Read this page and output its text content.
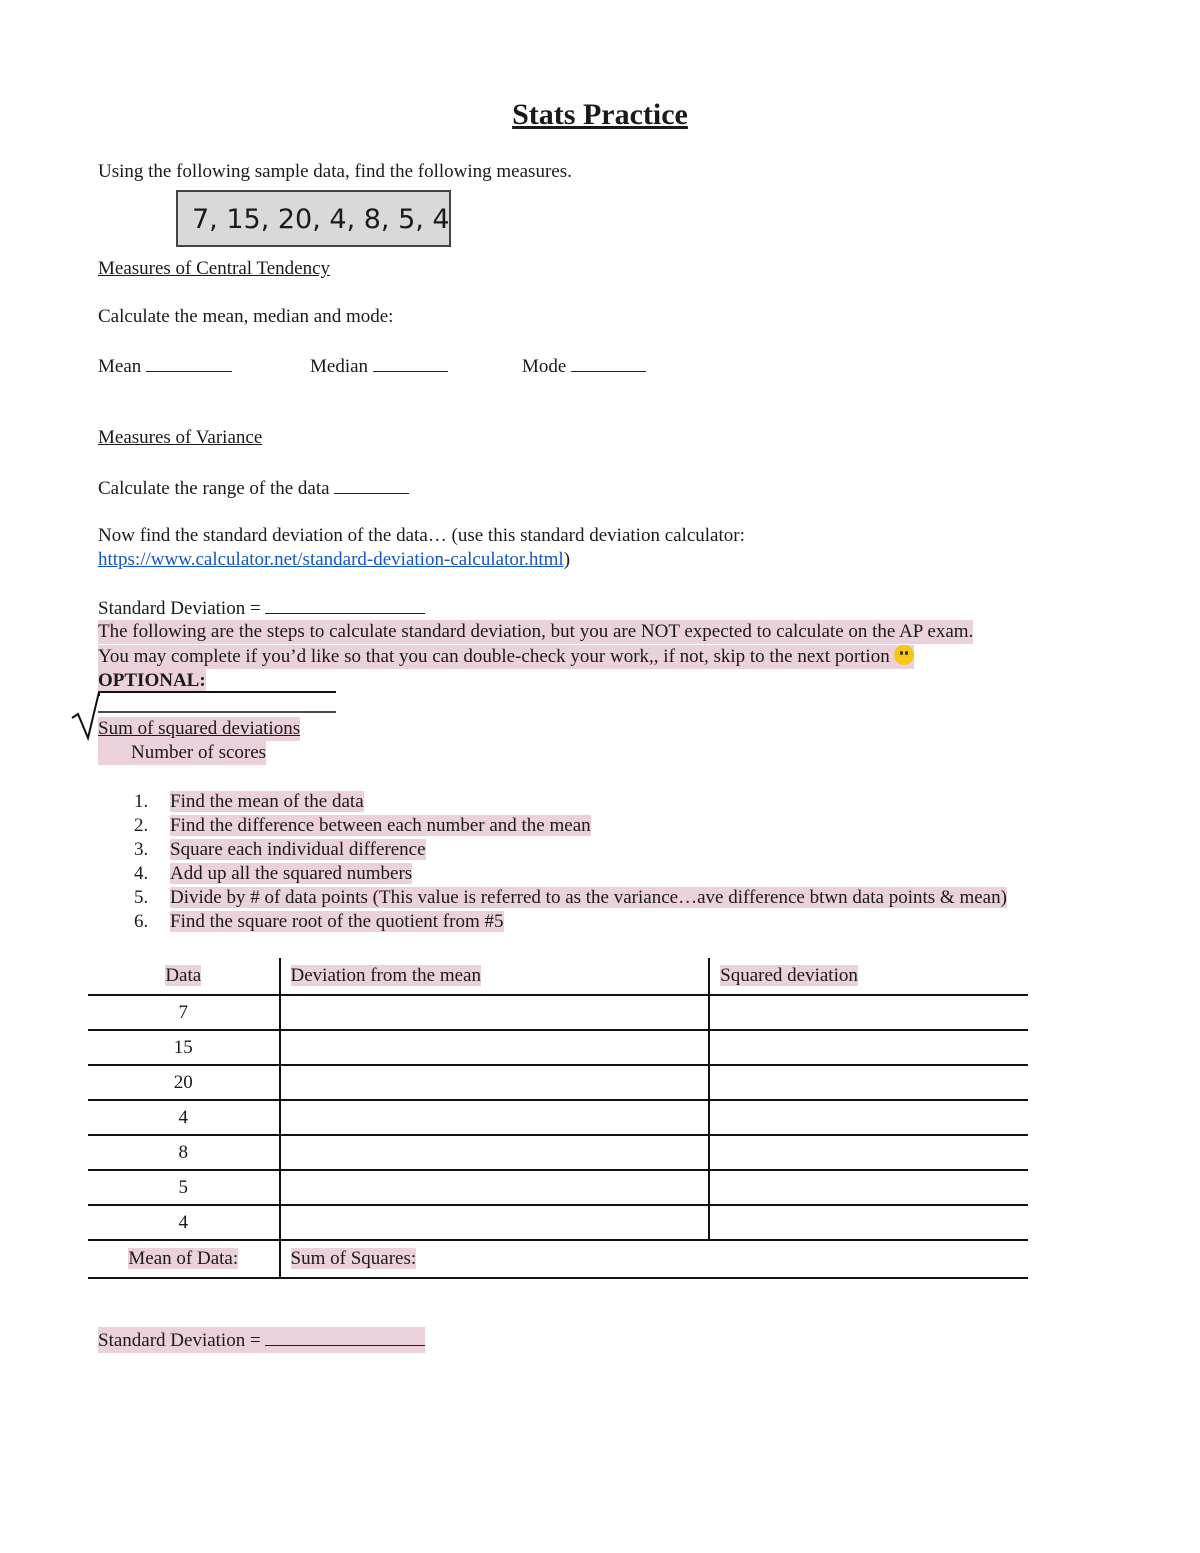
Stats Practice
Using the following sample data, find the following measures.
7, 15, 20, 4, 8, 5, 4
Measures of Central Tendency
Calculate the mean, median and mode:
Mean	Median	Mode
Measures of Variance
Calculate the range of the data
Now find the standard deviation of the data… (use this standard deviation calculator:
https://www.calculator.net/standard-deviation-calculator.html)
Standard Deviation =
The following are the steps to calculate standard deviation, but you are NOT expected to calculate on the AP exam.
You may complete if you’d like so that you can double-check your work,, if not, skip to the next portion
OPTIONAL:
Sum of squared deviations
Number of scores
1. Find the mean of the data
2. Find the difference between each number and the mean
3. Square each individual difference
4. Add up all the squared numbers
5. Divide by # of data points (This value is referred to as the variance…ave difference btwn data points & mean)
6. Find the square root of the quotient from #5
Data	Deviation from the mean	Squared deviation
7		
15		
20		
4		
8		
5		
4		
Mean of Data:	Sum of Squares:	
Standard Deviation =
